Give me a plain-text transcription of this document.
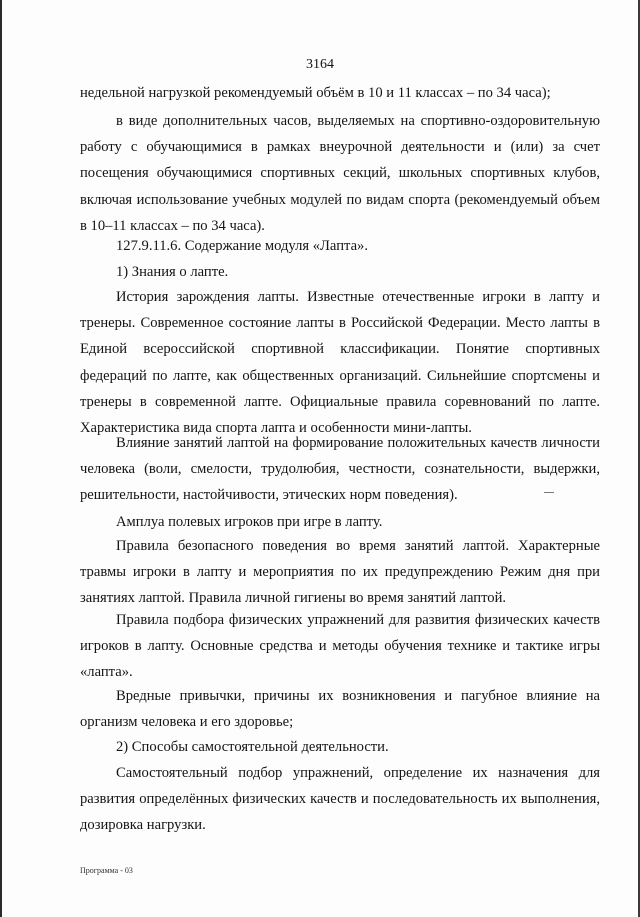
3164

недельной нагрузкой рекомендуемый объём в 10 и 11 классах – по 34 часа);

в виде дополнительных часов, выделяемых на спортивно-оздоровительную работу с обучающимися в рамках внеурочной деятельности и (или) за счет посещения обучающимися спортивных секций, школьных спортивных клубов, включая использование учебных модулей по видам спорта (рекомендуемый объем в 10–11 классах – по 34 часа).

127.9.11.6. Содержание модуля «Лапта».

1) Знания о лапте.

История зарождения лапты. Известные отечественные игроки в лапту и тренеры. Современное состояние лапты в Российской Федерации. Место лапты в Единой всероссийской спортивной классификации. Понятие спортивных федераций по лапте, как общественных организаций. Сильнейшие спортсмены и тренеры в современной лапте. Официальные правила соревнований по лапте. Характеристика вида спорта лапта и особенности мини-лапты.

Влияние занятий лаптой на формирование положительных качеств личности человека (воли, смелости, трудолюбия, честности, сознательности, выдержки, решительности, настойчивости, этических норм поведения).

Амплуа полевых игроков при игре в лапту.

Правила безопасного поведения во время занятий лаптой. Характерные травмы игроки в лапту и мероприятия по их предупреждению Режим дня при занятиях лаптой. Правила личной гигиены во время занятий лаптой.

Правила подбора физических упражнений для развития физических качеств игроков в лапту. Основные средства и методы обучения технике и тактике игры «лапта».

Вредные привычки, причины их возникновения и пагубное влияние на организм человека и его здоровье;

2) Способы самостоятельной деятельности.

Самостоятельный подбор упражнений, определение их назначения для развития определённых физических качеств и последовательность их выполнения, дозировка нагрузки.

Программа - 03
